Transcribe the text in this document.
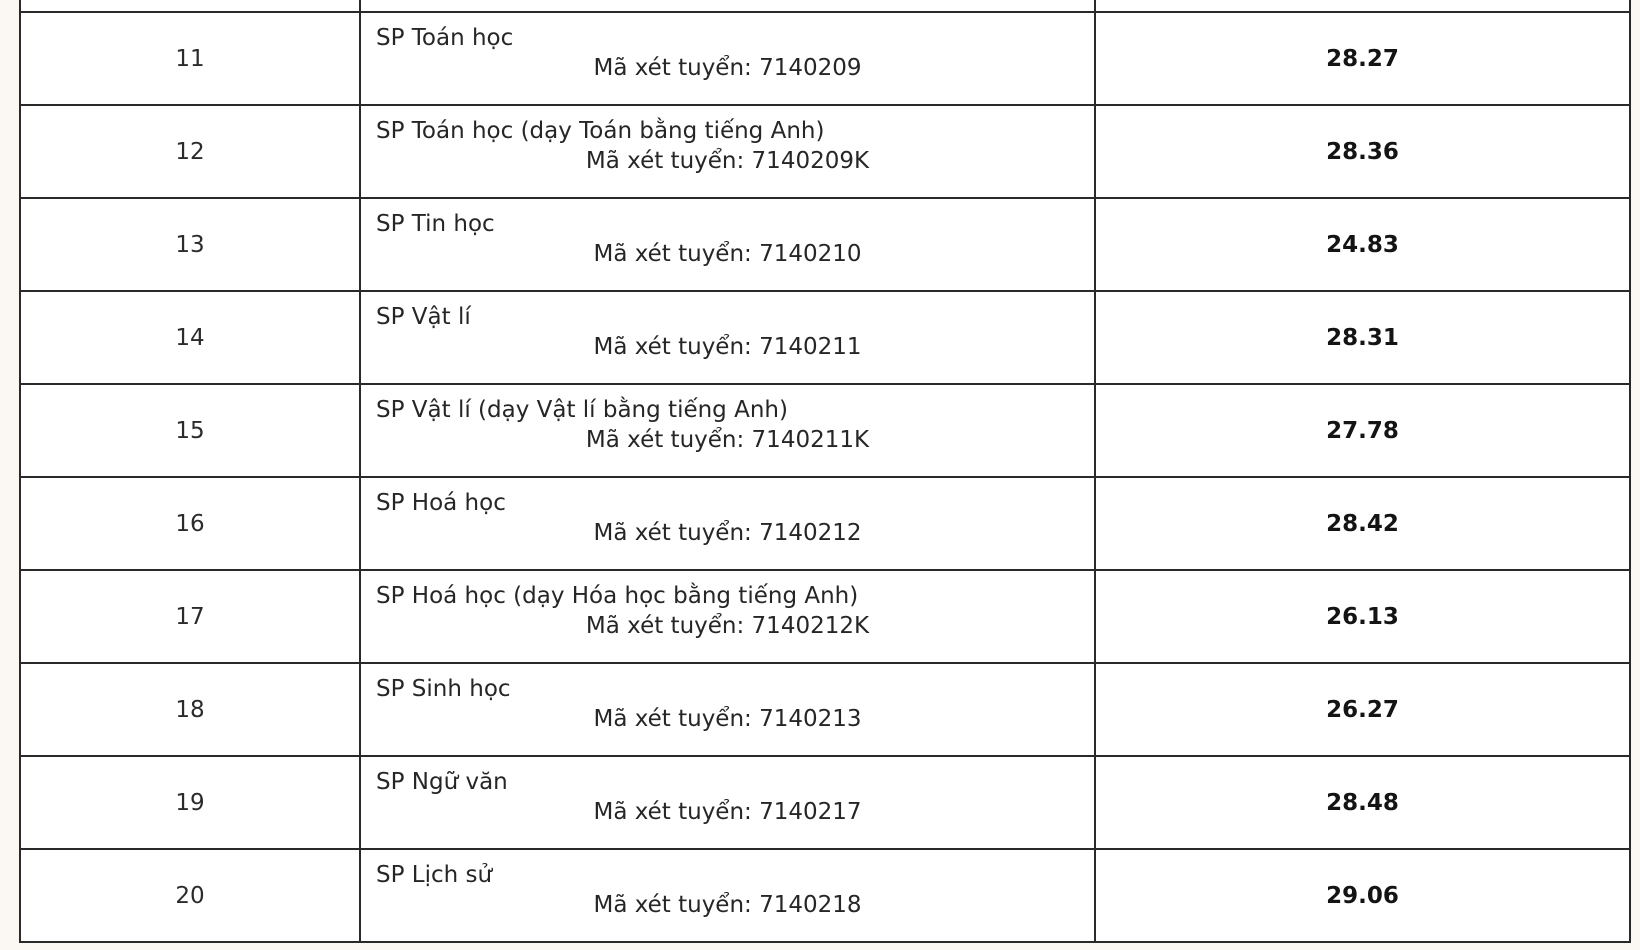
11	SP Toán học
Mã xét tuyển: 7140209	28.27
12	SP Toán học (dạy Toán bằng tiếng Anh)
Mã xét tuyển: 7140209K	28.36
13	SP Tin học
Mã xét tuyển: 7140210	24.83
14	SP Vật lí
Mã xét tuyển: 7140211	28.31
15	SP Vật lí (dạy Vật lí bằng tiếng Anh)
Mã xét tuyển: 7140211K	27.78
16	SP Hoá học
Mã xét tuyển: 7140212	28.42
17	SP Hoá học (dạy Hóa học bằng tiếng Anh)
Mã xét tuyển: 7140212K	26.13
18	SP Sinh học
Mã xét tuyển: 7140213	26.27
19	SP Ngữ văn
Mã xét tuyển: 7140217	28.48
20	SP Lịch sử
Mã xét tuyển: 7140218	29.06
